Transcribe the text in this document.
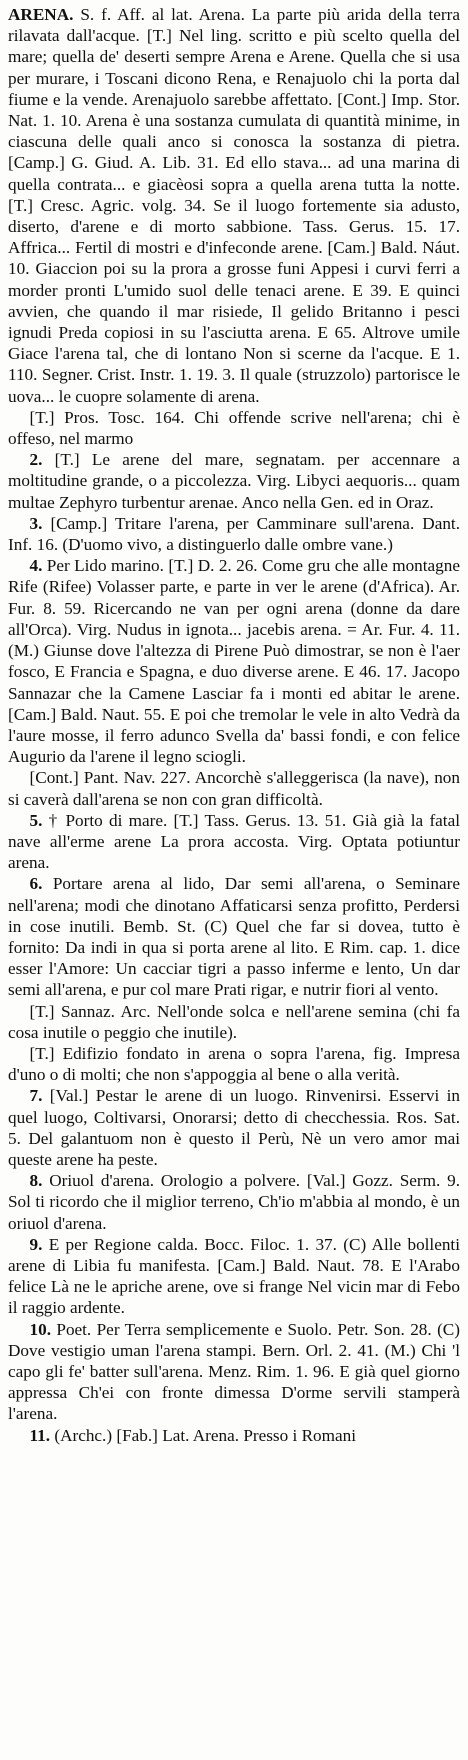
ARENA. S. f. Aff. al lat. Arena. La parte più arida della terra rilavata dall'acque. [T.] Nel ling. scritto e più scelto quella del mare; quella de' deserti sempre Arena e Arene. Quella che si usa per murare, i Toscani dicono Rena, e Renajuolo chi la porta dal fiume e la vende. Arenajuolo sarebbe affettato. [Cont.] Imp. Stor. Nat. 1. 10. Arena è una sostanza cumulata di quantità minime, in ciascuna delle quali anco si conosca la sostanza di pietra. [Camp.] G. Giud. A. Lib. 31. Ed ello stava... ad una marina di quella contrata... e giacèosi sopra a quella arena tutta la notte. [T.] Cresc. Agric. volg. 34. Se il luogo fortemente sia adusto, diserto, d'arene e di morto sabbione. Tass. Gerus. 15. 17. Affrica... Fertil di mostri e d'infeconde arene. [Cam.] Bald. Náut. 10. Giaccion poi su la prora a grosse funi Appesi i curvi ferri a morder pronti L'umido suol delle tenaci arene. E 39. E quinci avvien, che quando il mar risiede, Il gelido Britanno i pesci ignudi Preda copiosi in su l'asciutta arena. E 65. Altrove umile Giace l'arena tal, che di lontano Non si scerne da l'acque. E 1. 110. Segner. Crist. Instr. 1. 19. 3. Il quale (struzzolo) partorisce le uova... le cuopre solamente di arena.

[T.] Pros. Tosc. 164. Chi offende scrive nell'arena; chi è offeso, nel marmo

2. [T.] Le arene del mare, segnatam. per accennare a moltitudine grande, o a piccolezza. Virg. Libyci aequoris... quam multae Zephyro turbentur arenae. Anco nella Gen. ed in Oraz.

3. [Camp.] Tritare l'arena, per Camminare sull'arena. Dant. Inf. 16. (D'uomo vivo, a distinguerlo dalle ombre vane.)

4. Per Lido marino. [T.] D. 2. 26. Come gru che alle montagne Rife (Rifee) Volasser parte, e parte in ver le arene (d'Africa). Ar. Fur. 8. 59. Ricercando ne van per ogni arena (donne da dare all'Orca). Virg. Nudus in ignota... jacebis arena. = Ar. Fur. 4. 11. (M.) Giunse dove l'altezza di Pirene Può dimostrar, se non è l'aer fosco, E Francia e Spagna, e duo diverse arene. E 46. 17. Jacopo Sannazar che la Camene Lasciar fa i monti ed abitar le arene. [Cam.] Bald. Naut. 55. E poi che tremolar le vele in alto Vedrà da l'aure mosse, il ferro adunco Svella da' bassi fondi, e con felice Augurio da l'arene il legno sciogli.

[Cont.] Pant. Nav. 227. Ancorchè s'alleggerisca (la nave), non si caverà dall'arena se non con gran difficoltà.

5. † Porto di mare. [T.] Tass. Gerus. 13. 51. Già già la fatal nave all'erme arene La prora accosta. Virg. Optata potiuntur arena.

6. Portare arena al lido, Dar semi all'arena, o Seminare nell'arena; modi che dinotano Affaticarsi senza profitto, Perdersi in cose inutili. Bemb. St. (C) Quel che far si dovea, tutto è fornito: Da indi in qua si porta arene al lito. E Rim. cap. 1. dice esser l'Amore: Un cacciar tigri a passo inferme e lento, Un dar semi all'arena, e pur col mare Prati rigar, e nutrir fiori al vento.

[T.] Sannaz. Arc. Nell'onde solca e nell'arene semina (chi fa cosa inutile o peggio che inutile).

[T.] Edifizio fondato in arena o sopra l'arena, fig. Impresa d'uno o di molti; che non s'appoggia al bene o alla verità.

7. [Val.] Pestar le arene di un luogo. Rinvenirsi. Esservi in quel luogo, Coltivarsi, Onorarsi; detto di checchessia. Ros. Sat. 5. Del galantuom non è questo il Perù, Nè un vero amor mai queste arene ha peste.

8. Oriuol d'arena. Orologio a polvere. [Val.] Gozz. Serm. 9. Sol ti ricordo che il miglior terreno, Ch'io m'abbia al mondo, è un oriuol d'arena.

9. E per Regione calda. Bocc. Filoc. 1. 37. (C) Alle bollenti arene di Libia fu manifesta. [Cam.] Bald. Naut. 78. E l'Arabo felice Là ne le apriche arene, ove si frange Nel vicin mar di Febo il raggio ardente.

10. Poet. Per Terra semplicemente e Suolo. Petr. Son. 28. (C) Dove vestigio uman l'arena stampi. Bern. Orl. 2. 41. (M.) Chi 'l capo gli fe' batter sull'arena. Menz. Rim. 1. 96. E già quel giorno appressa Ch'ei con fronte dimessa D'orme servili stamperà l'arena.

11. (Archc.) [Fab.] Lat. Arena. Presso i Romani
